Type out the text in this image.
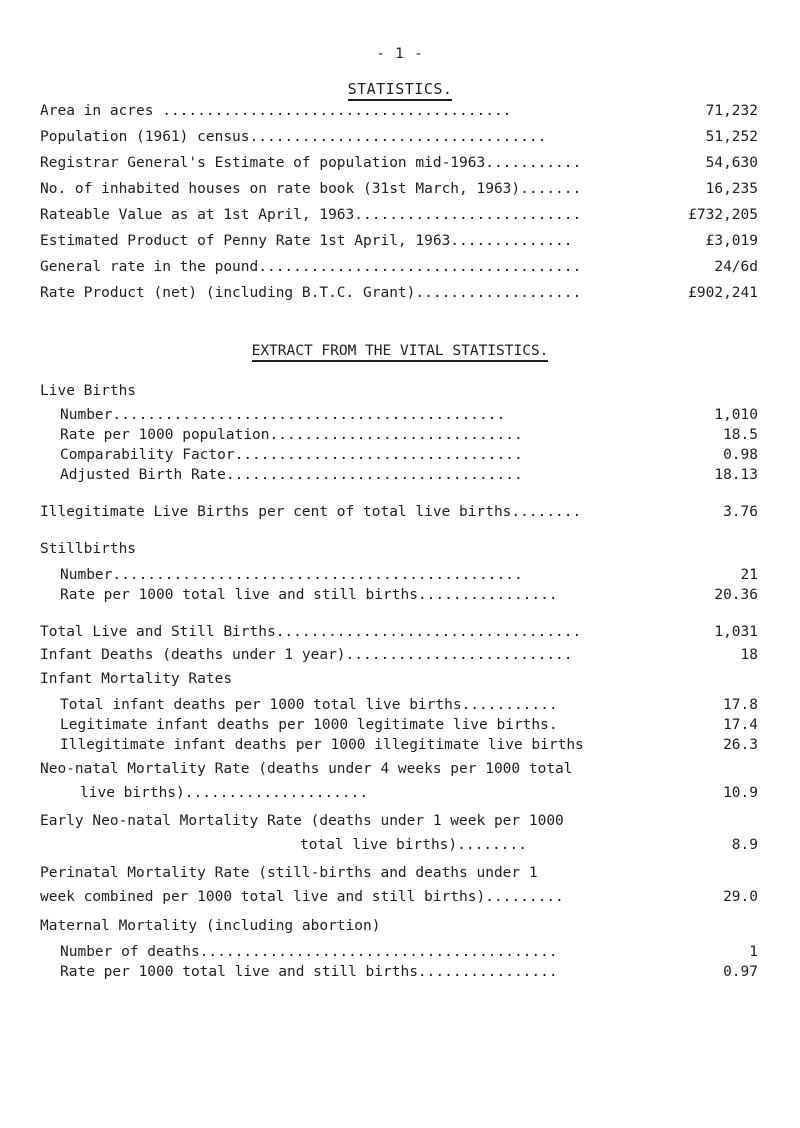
- 1 -
STATISTICS.
Area in acres ........................................	71,232
Population (1961) census..................................	51,252
Registrar General's Estimate of population mid-1963...........	54,630
No. of inhabited houses on rate book (31st March, 1963).......	16,235
Rateable Value as at 1st April, 1963..........................	£732,205
Estimated Product of Penny Rate 1st April, 1963..............	£3,019
General rate in the pound.....................................	24/6d
Rate Product (net) (including B.T.C. Grant)...................	£902,241
EXTRACT FROM THE VITAL STATISTICS.
Live Births
Number.............................................	1,010
Rate per 1000 population.............................	18.5
Comparability Factor.................................	0.98
Adjusted Birth Rate..................................	18.13
Illegitimate Live Births per cent of total live births........	3.76
Stillbirths
Number...............................................	21
Rate per 1000 total live and still births................	20.36
Total Live and Still Births...................................	1,031
Infant Deaths (deaths under 1 year)..........................	18
Infant Mortality Rates
Total infant deaths per 1000 total live births...........	17.8
Legitimate infant deaths per 1000 legitimate live births.	17.4
Illegitimate infant deaths per 1000 illegitimate live births	26.3
Neo-natal Mortality Rate (deaths under 4 weeks per 1000 total
live births).....................	10.9
Early Neo-natal Mortality Rate (deaths under 1 week per 1000
total live births)........	8.9
Perinatal Mortality Rate (still-births and deaths under 1
week combined per 1000 total live and still births).........	29.0
Maternal Mortality (including abortion)
Number of deaths.........................................	1
Rate per 1000 total live and still births................	0.97
